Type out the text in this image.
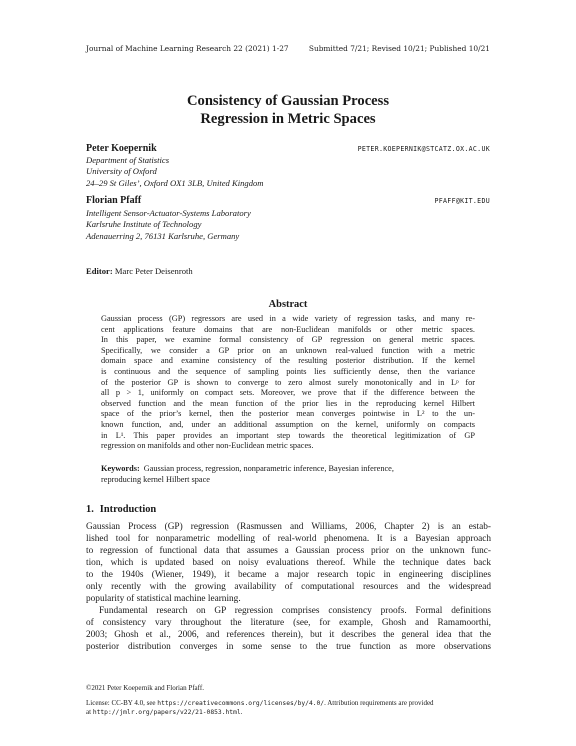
Journal of Machine Learning Research 22 (2021) 1-27	Submitted 7/21; Revised 10/21; Published 10/21
Consistency of Gaussian Process
Regression in Metric Spaces
Peter Koepernik	PETER.KOEPERNIK@STCATZ.OX.AC.UK
Department of Statistics
University of Oxford
24–29 St Giles’, Oxford OX1 3LB, United Kingdom
Florian Pfaff	PFAFF@KIT.EDU
Intelligent Sensor-Actuator-Systems Laboratory
Karlsruhe Institute of Technology
Adenauerring 2, 76131 Karlsruhe, Germany
Editor: Marc Peter Deisenroth
Abstract
Gaussian process (GP) regressors are used in a wide variety of regression tasks, and many re-
cent applications feature domains that are non-Euclidean manifolds or other metric spaces.
In this paper, we examine formal consistency of GP regression on general metric spaces.
Specifically, we consider a GP prior on an unknown real-valued function with a metric
domain space and examine consistency of the resulting posterior distribution. If the kernel
is continuous and the sequence of sampling points lies sufficiently dense, then the variance
of the posterior GP is shown to converge to zero almost surely monotonically and in Lᵖ for
all p > 1, uniformly on compact sets. Moreover, we prove that if the difference between the
observed function and the mean function of the prior lies in the reproducing kernel Hilbert
space of the prior’s kernel, then the posterior mean converges pointwise in L² to the un-
known function, and, under an additional assumption on the kernel, uniformly on compacts
in L¹. This paper provides an important step towards the theoretical legitimization of GP
regression on manifolds and other non-Euclidean metric spaces.
Keywords: Gaussian process, regression, nonparametric inference, Bayesian inference,
reproducing kernel Hilbert space
1. Introduction
Gaussian Process (GP) regression (Rasmussen and Williams, 2006, Chapter 2) is an estab-
lished tool for nonparametric modelling of real-world phenomena. It is a Bayesian approach
to regression of functional data that assumes a Gaussian process prior on the unknown func-
tion, which is updated based on noisy evaluations thereof. While the technique dates back
to the 1940s (Wiener, 1949), it became a major research topic in engineering disciplines
only recently with the growing availability of computational resources and the widespread
popularity of statistical machine learning.
Fundamental research on GP regression comprises consistency proofs. Formal definitions
of consistency vary throughout the literature (see, for example, Ghosh and Ramamoorthi,
2003; Ghosh et al., 2006, and references therein), but it describes the general idea that the
posterior distribution converges in some sense to the true function as more observations
©2021 Peter Koepernik and Florian Pfaff.
License: CC-BY 4.0, see https://creativecommons.org/licenses/by/4.0/. Attribution requirements are provided
at http://jmlr.org/papers/v22/21-0853.html.
